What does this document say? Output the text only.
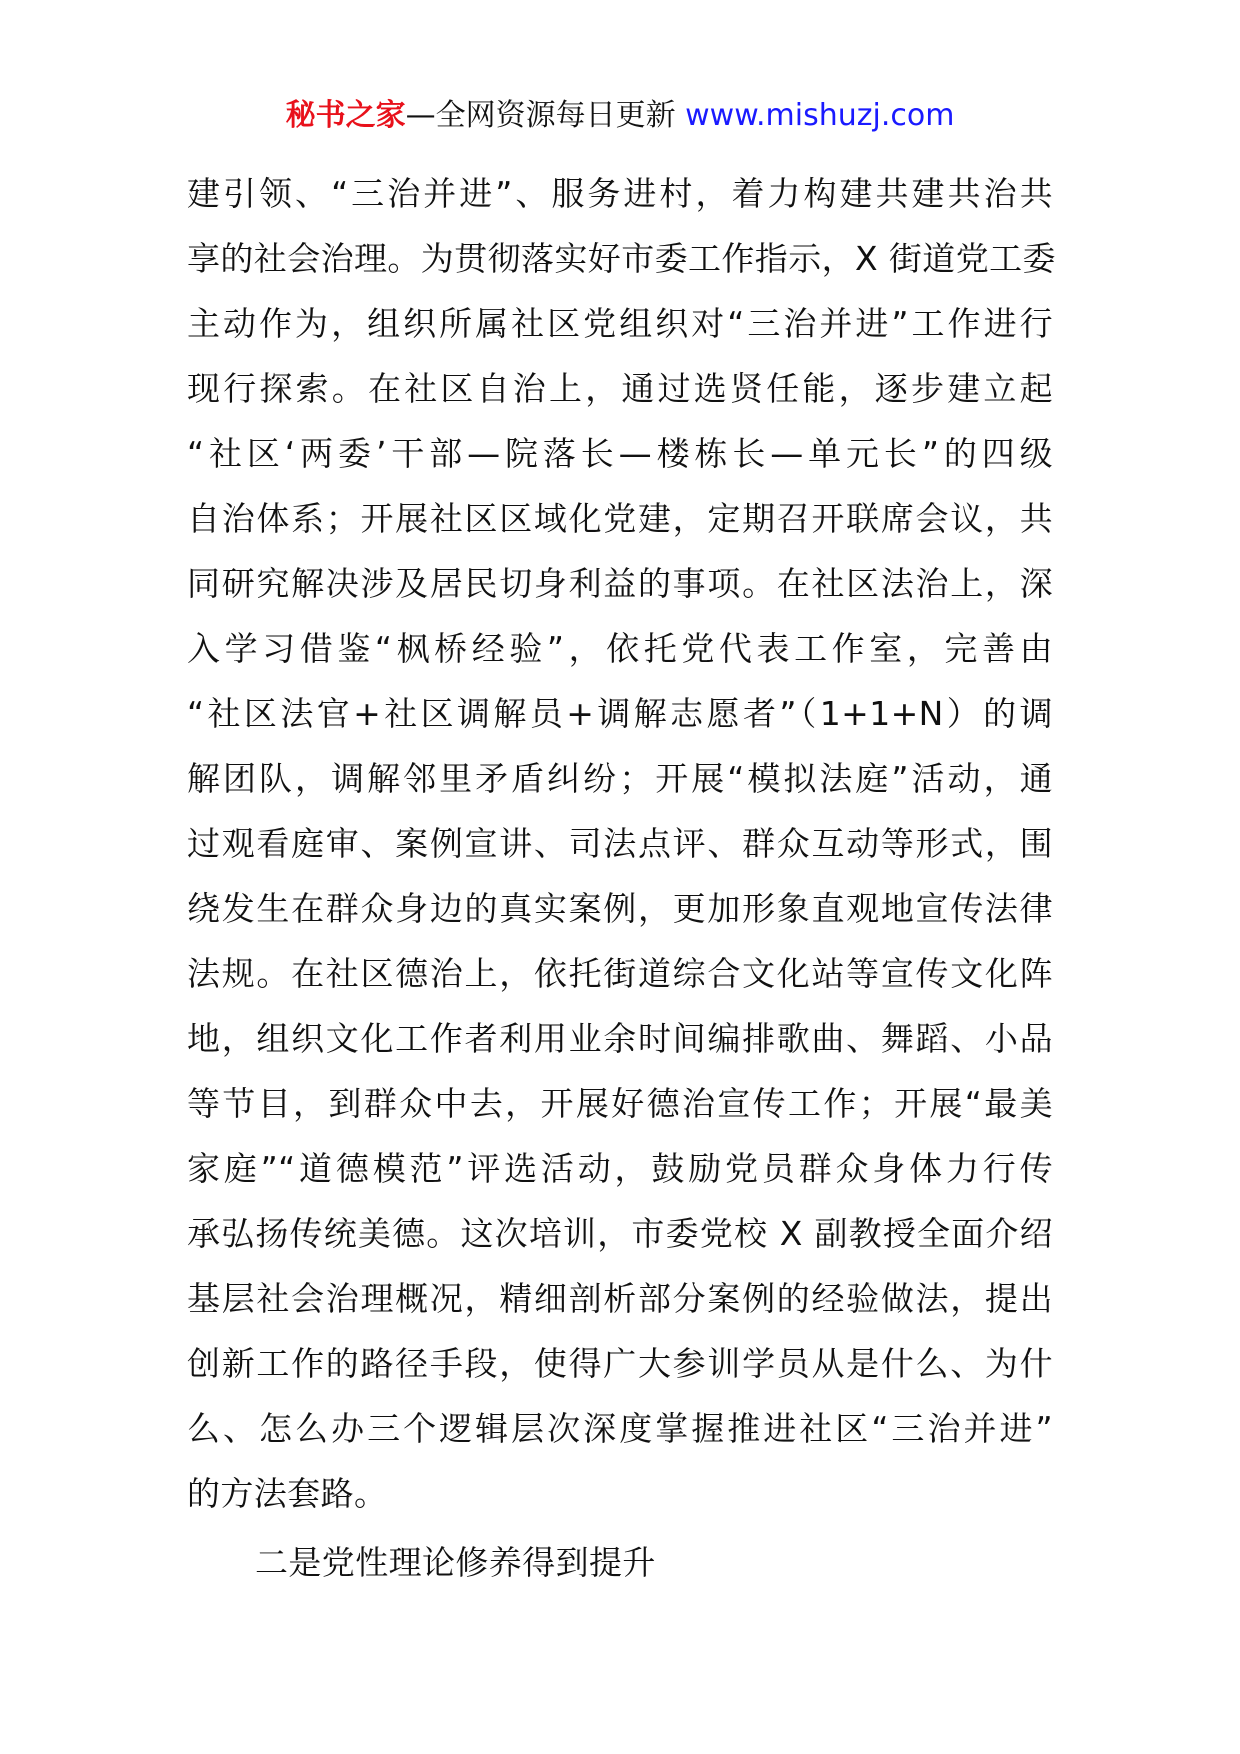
秘书之家—全网资源每日更新 www.mishuzj.com
建引领、“三治并进”、服务进村，着力构建共建共治共
享的社会治理。为贯彻落实好市委工作指示，X 街道党工委
主动作为，组织所属社区党组织对“三治并进”工作进行
现行探索。在社区自治上，通过选贤任能，逐步建立起
“社区‘两委’干部—院落长—楼栋长—单元长”的四级
自治体系；开展社区区域化党建，定期召开联席会议，共
同研究解决涉及居民切身利益的事项。在社区法治上，深
入学习借鉴“枫桥经验”，依托党代表工作室，完善由
“社区法官+社区调解员+调解志愿者”（1+1+N）的调
解团队，调解邻里矛盾纠纷；开展“模拟法庭”活动，通
过观看庭审、案例宣讲、司法点评、群众互动等形式，围
绕发生在群众身边的真实案例，更加形象直观地宣传法律
法规。在社区德治上，依托街道综合文化站等宣传文化阵
地，组织文化工作者利用业余时间编排歌曲、舞蹈、小品
等节目，到群众中去，开展好德治宣传工作；开展“最美
家庭”“道德模范”评选活动，鼓励党员群众身体力行传
承弘扬传统美德。这次培训，市委党校 X 副教授全面介绍
基层社会治理概况，精细剖析部分案例的经验做法，提出
创新工作的路径手段，使得广大参训学员从是什么、为什
么、怎么办三个逻辑层次深度掌握推进社区“三治并进”
的方法套路。
二是党性理论修养得到提升
